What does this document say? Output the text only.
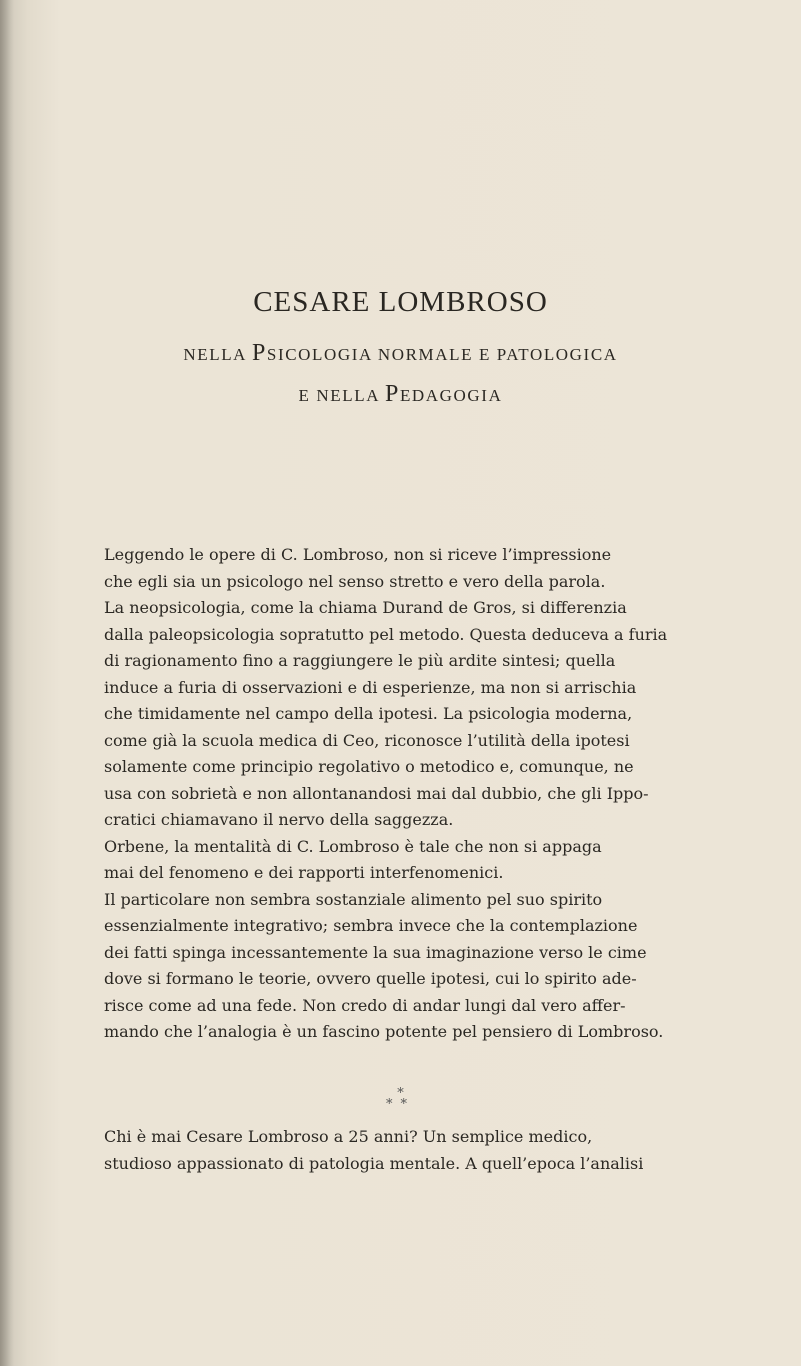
CESARE LOMBROSO
NELLA PSICOLOGIA NORMALE E PATOLOGICA
E NELLA PEDAGOGIA
Leggendo le opere di C. Lombroso, non si riceve l’impressione
che egli sia un psicologo nel senso stretto e vero della parola.
La neopsicologia, come la chiama Durand de Gros, si differenzia
dalla paleopsicologia sopratutto pel metodo. Questa deduceva a furia
di ragionamento fino a raggiungere le più ardite sintesi; quella
induce a furia di osservazioni e di esperienze, ma non si arrischia
che timidamente nel campo della ipotesi. La psicologia moderna,
come già la scuola medica di Ceo, riconosce l’utilità della ipotesi
solamente come principio regolativo o metodico e, comunque, ne
usa con sobrietà e non allontanandosi mai dal dubbio, che gli Ippo-
cratici chiamavano il nervo della saggezza.
Orbene, la mentalità di C. Lombroso è tale che non si appaga
mai del fenomeno e dei rapporti interfenomenici.
Il particolare non sembra sostanziale alimento pel suo spirito
essenzialmente integrativo; sembra invece che la contemplazione
dei fatti spinga incessantemente la sua imaginazione verso le cime
dove si formano le teorie, ovvero quelle ipotesi, cui lo spirito ade-
risce come ad una fede. Non credo di andar lungi dal vero affer-
mando che l’analogia è un fascino potente pel pensiero di Lombroso.
*
**
Chi è mai Cesare Lombroso a 25 anni? Un semplice medico,
studioso appassionato di patologia mentale. A quell’epoca l’analisi
